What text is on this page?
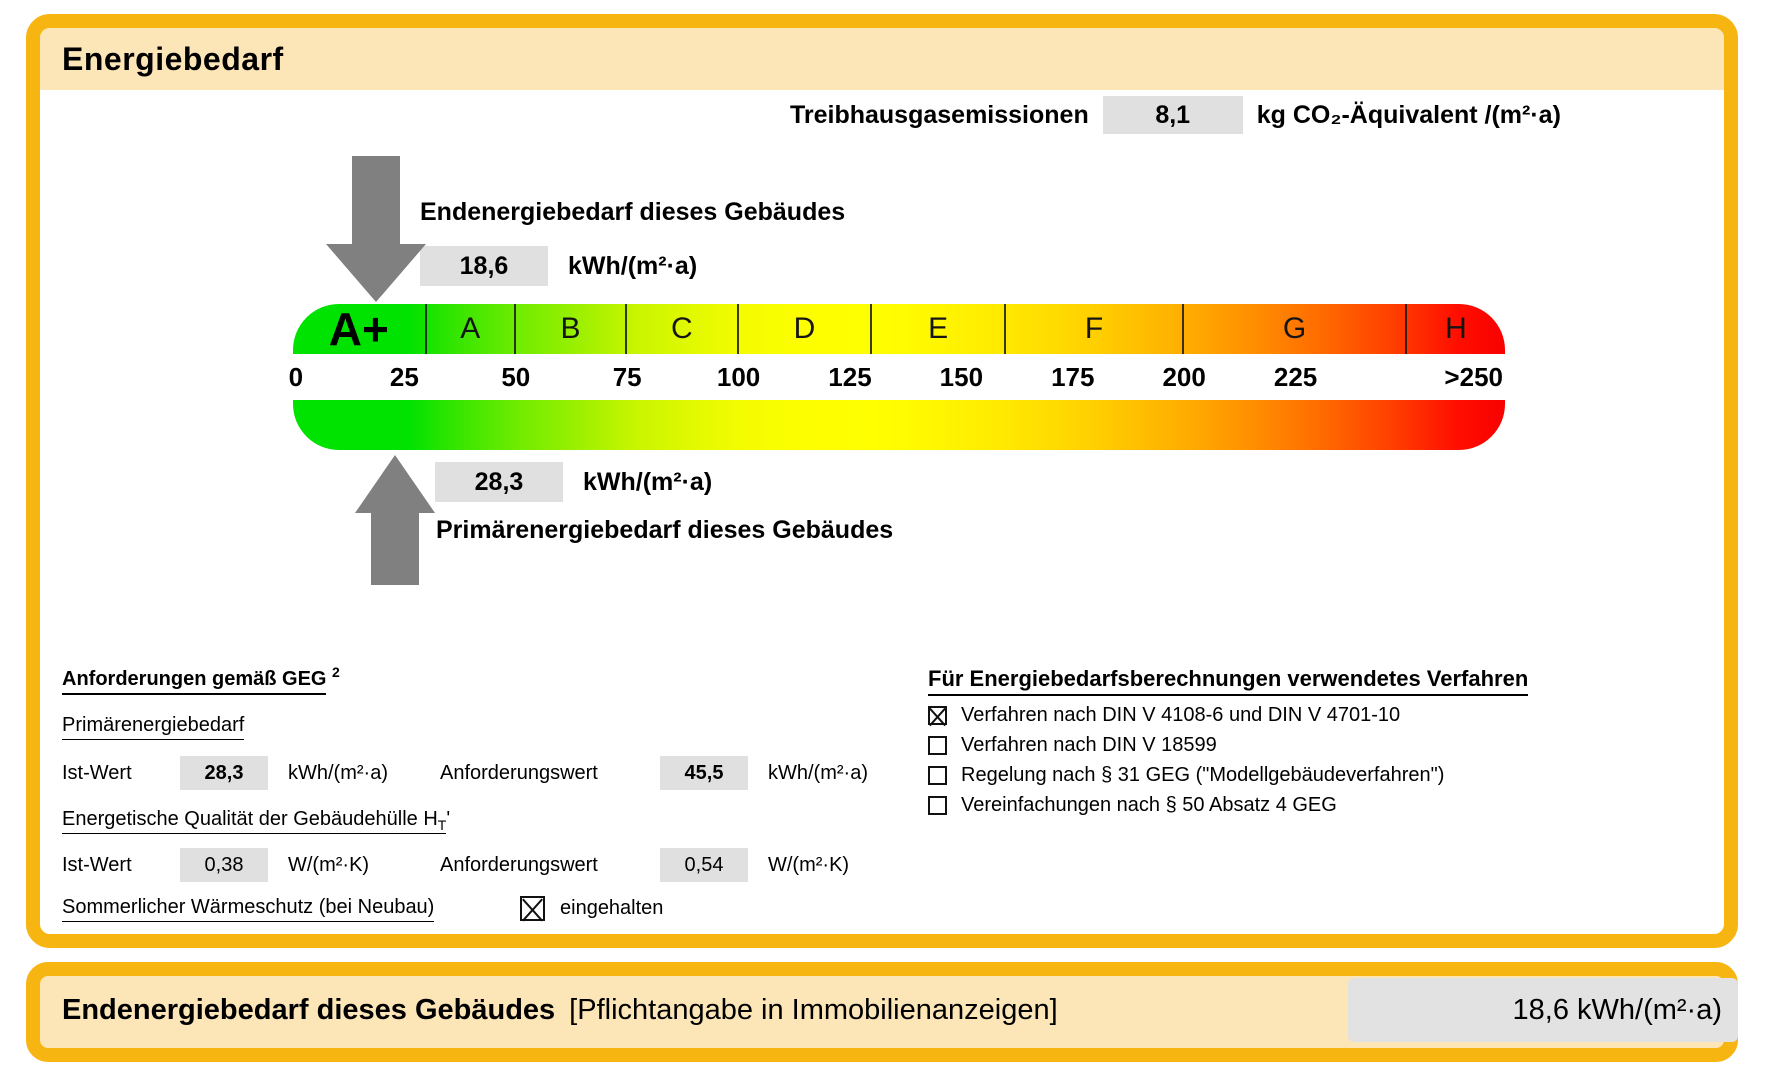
Energiebedarf
Treibhausgasemissionen	8,1	kg CO₂-Äquivalent /(m²·a)
Endenergiebedarf dieses Gebäudes
18,6	kWh/(m²·a)
A+ A	B	C	D	E	F	G	H
0	25	50	75	100	125	150	175	200	225	>250
28,3	kWh/(m²·a)
Primärenergiebedarf dieses Gebäudes
Anforderungen gemäß GEG $^2$
Primärenergiebedarf
Ist-Wert	28,3	kWh/(m²·a)	Anforderungswert	45,5	kWh/(m²·a)
Energetische Qualität der Gebäudehülle $H_T'$
Ist-Wert	0,38	W/(m²·K)	Anforderungswert	0,54	W/(m²·K)
Sommerlicher Wärmeschutz (bei Neubau)	eingehalten
Für Energiebedarfsberechnungen verwendetes Verfahren
Verfahren nach DIN V 4108-6 und DIN V 4701-10
Verfahren nach DIN V 18599
Regelung nach § 31 GEG ("Modellgebäudeverfahren")
Vereinfachungen nach § 50 Absatz 4 GEG
Endenergiebedarf dieses Gebäudes [Pflichtangabe in Immobilienanzeigen]	18,6 kWh/(m²·a)
